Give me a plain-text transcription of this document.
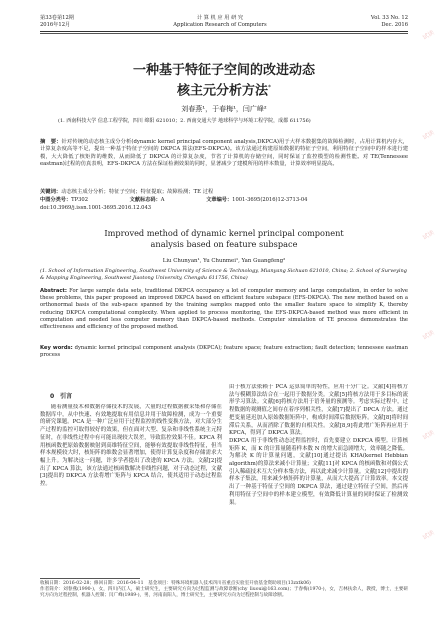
第33卷第12期
2016年12月
计 算 机 应 用 研 究
Application Research of Computers
Vol. 33 No. 12
Dec. 2016
一种基于特征子空间的改进动态
核主元分析方法*
刘春燕¹，于春梅¹，闫广峰²
(1. 西南科技大学 信息工程学院，四川 绵阳 621010；2. 西南交通大学 地球科学与环境工程学院，成都 611756)
摘　要：针对传统的动态核主成分分析(dynamic kernel principal component analysis,DKPCA)用于大样本数据集的故障检测时，占用计算机内存大，计算复杂度高等不足，提出一种基于特征子空间的 DKPCA 算法(EFS-DKPCA)。该方法通过构建原始数据的特征子空间，利用特征子空间中的样本进行建模，大大降低了核矩阵的维数，从而降低了 DKPCA 的计算复杂度，节省了计算机的存储空间，同时保证了监控模型的检测性能。对 TE(Tennessee eastman)过程的仿真表明，EFS-DKPCA 方法在保证检测效果的同时，显著减少了建模所用的样本数量，计算效率明显提高。
关键词：动态核主成分分析；特征子空间；特征提取；故障检测；TE 过程
中图分类号：TP302	文献标志码：A	文章编号：1001-3695(2016)12-3713-04
doi:10.3969/j.issn.1001-3695.2016.12.043
Improved method of dynamic kernel principal component
analysis based on feature subspace
Liu Chunyan¹, Yu Chunmei¹, Yan Guangfeng²
(1. School of Information Engineering, Southwest University of Science & Technology, Mianyang Sichuan 621010, China; 2. School of Surveying & Mapping Engineering, Southwest Jiaotong University, Chengdu 611756, China)
Abstract: For large sample data sets, traditional DKPCA occupancy a lot of computer memory and large computation, in order to solve these problems, this paper proposed an improved DKPCA based on efficient feature subspace (EFS-DKPCA). The new method based on a orthonormal basis of the sub-space spanned by the training samples mapped onto the smaller feature space to simplify K, thereby reducing DKPCA computational complexity. When applied to process monitoring, the EFS-DKPCA-based method was more efficient in computation and needed less computer memory than DKPCA-based methods. Computer simulation of TE process demonstrates the effectiveness and efficiency of the proposed method.
Key words: dynamic kernel principal component analysis (DKPCA); feature space; feature extraction; fault detection; tennessee eastman process
0　引言
随着测量技术和数据存储技术的发展，大量的过程数据被采集和存储在数据库中，从中快速、有效地提取有用信息并用于故障检测，成为一个重要的研究课题。PCA 是一种广泛应用于过程监控的线性变换方法，对大部分生产过程的监控可取得较好的效果，但在面对大型、复杂和非线性系统主元特征时，在非线性过程中有可能出现较大误差，导致监控效果不佳。KPCA 利用核函数把原始数据映射到高维特征空间，能够有效提取非线性特征，但当样本规模较大时，核矩阵的维数会显著增加，使得计算复杂度和存储需求大幅上升。为解决这一问题，许多学者提出了改进的 KPCA 方法。文献[2]提出了 KPCA 算法，该方法通过核函数解决非线性问题，对于动态过程，文献[3]提出的 DKPCA 方法将增广矩阵与 KPCA 结合，使其适用于动态过程监控。
由于核方法依赖于 PCA 运算简单的特性，应用十分广泛。文献[4]将核方法与模糊算法结合在一起用于数据分类。文献[5]将核方法用于多目标的流形学习算法。文献[6]将核方法用于语务量的预测等。考虑实际过程中，过程数据的观测值之间存在着序列相关性，文献[7]提出了 DPCA 方法。通过把变量延迟加入原始数据矩阵中，构成时间滞后数据矩阵。文献[8]将时间滞后关系，从而消除了数据的自相关性。文献[8,9]将此增广矩阵再应用于 KPCA，得到了 DKPCA 算法。
DKPCA 用于非线性动态过程监控时，首先要建立 DKPCA 模型。计算核矩阵 K，而 K 的计算量随着样本数 N 的增大而急剧增大，效率随之降低。为解决 K 的计算量问题，文献[10]通过提出 KHA(kernel Hebbian algorithm)的算法来减小计算量；文献[11]对 KPCA 的核函数和对偶公式引入稀疏技术互大分样本集方法，再以此来减少计算量。文献[12]中提出的样本子集法，用来减少核矩阵的计算量，从而大大提高了计算效率。本文提出了一种基于特征子空间的 DKPCA 算法，通过建立特征子空间，然后再利用特征子空间中的样本建立模型，有效降低计算量的同时保证了检测效果。
收稿日期：2016-02-28；修回日期：2016-04-11　基金项目：特殊环境机器人技术四川省重点实验室开放基金资助项目(13zxtk06)
作者简介：刘春燕(1990-)，女，四川内江人，硕士研究生，主要研究方向为过程监测与故障诊断(chy_liuoui@163.com)；于春梅(1970-)，女，吉林扶余人，教授，博士，主要研究方向为过程控制，机器人控制；闫广峰(1989-)，男，河南南阳人，博士研究生，主要研究方向为过程控制与故障诊断。
试读
试读
试读
试读
试读
试读
